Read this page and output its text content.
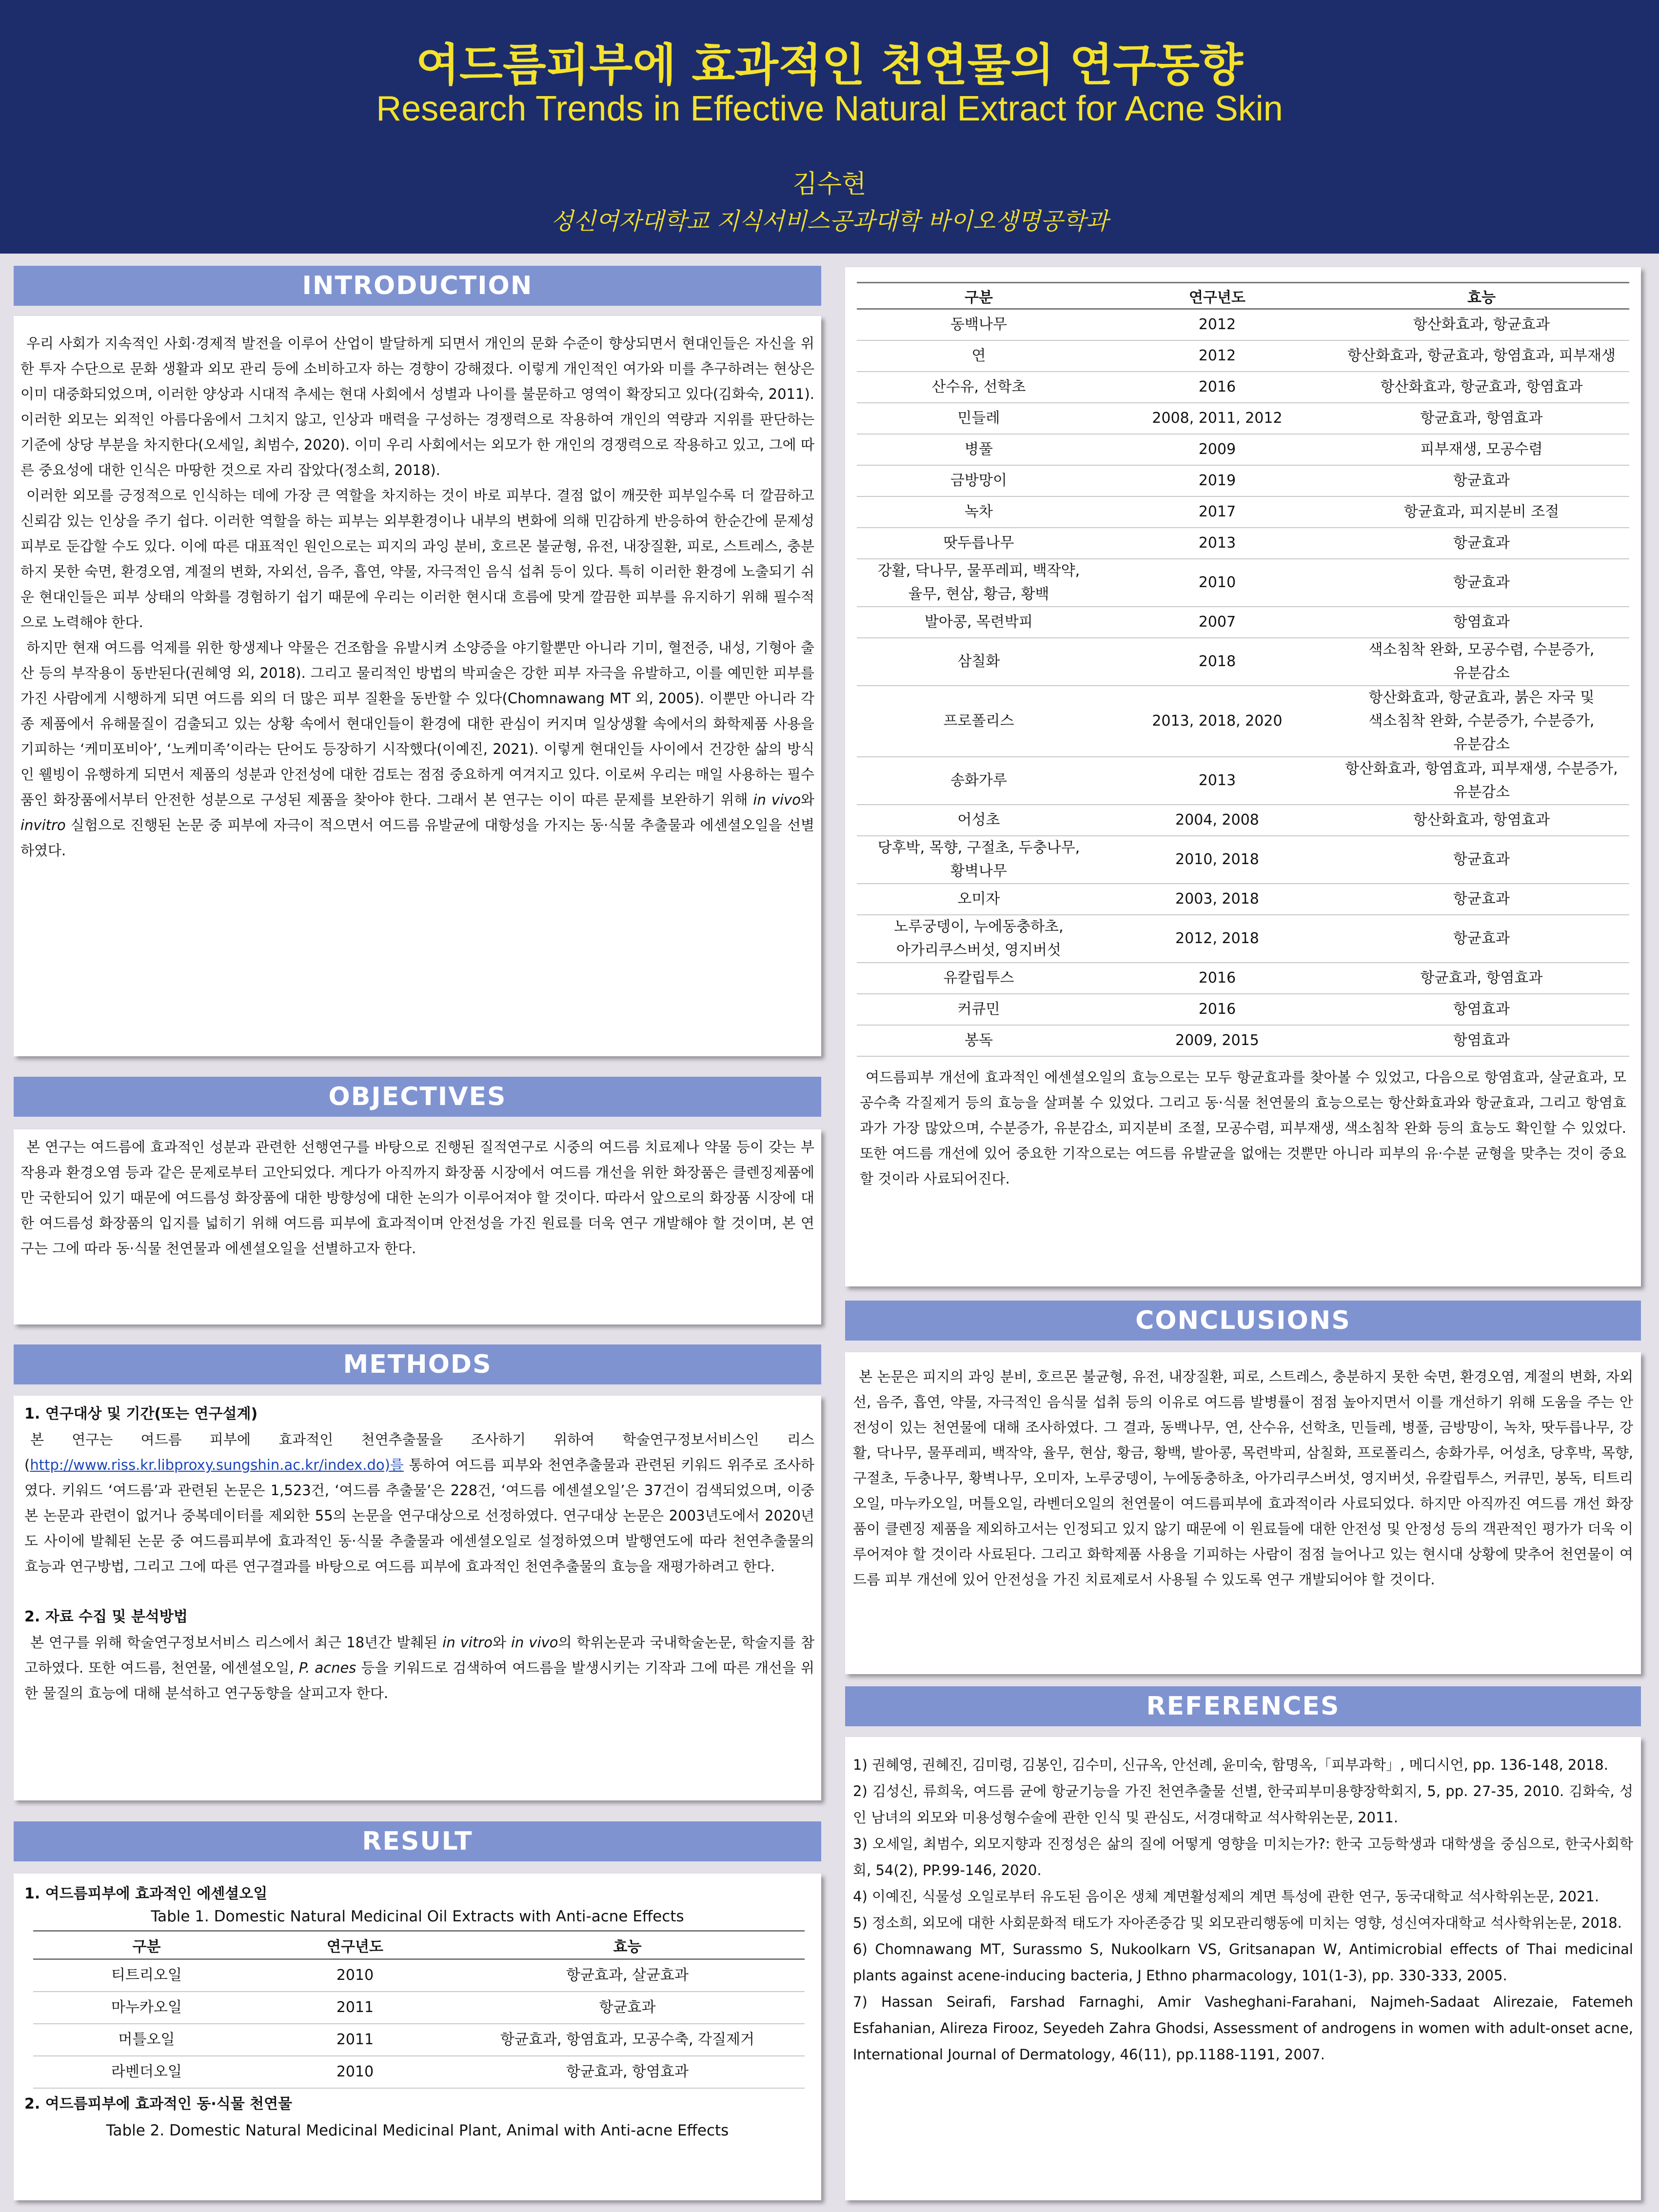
여드름피부에 효과적인 천연물의 연구동향
Research Trends in Effective Natural Extract for Acne Skin
김수현
성신여자대학교 지식서비스공과대학 바이오생명공학과
INTRODUCTION

우리 사회가 지속적인 사회·경제적 발전을 이루어 산업이 발달하게 되면서 개인의 문화 수준이 향상되면서 현대인들은 자신을 위한 투자 수단으로 문화 생활과 외모 관리 등에 소비하고자 하는 경향이 강해졌다. 이렇게 개인적인 여가와 미를 추구하려는 현상은 이미 대중화되었으며, 이러한 양상과 시대적 추세는 현대 사회에서 성별과 나이를 불문하고 영역이 확장되고 있다(김화숙, 2011). 이러한 외모는 외적인 아름다움에서 그치지 않고, 인상과 매력을 구성하는 경쟁력으로 작용하여 개인의 역량과 지위를 판단하는 기준에 상당 부분을 차지한다(오세일, 최범수, 2020). 이미 우리 사회에서는 외모가 한 개인의 경쟁력으로 작용하고 있고, 그에 따른 중요성에 대한 인식은 마땅한 것으로 자리 잡았다(정소희, 2018).

이러한 외모를 긍정적으로 인식하는 데에 가장 큰 역할을 차지하는 것이 바로 피부다. 결점 없이 깨끗한 피부일수록 더 깔끔하고 신뢰감 있는 인상을 주기 쉽다. 이러한 역할을 하는 피부는 외부환경이나 내부의 변화에 의해 민감하게 반응하여 한순간에 문제성 피부로 둔갑할 수도 있다. 이에 따른 대표적인 원인으로는 피지의 과잉 분비, 호르몬 불균형, 유전, 내장질환, 피로, 스트레스, 충분하지 못한 숙면, 환경오염, 계절의 변화, 자외선, 음주, 흡연, 약물, 자극적인 음식 섭취 등이 있다. 특히 이러한 환경에 노출되기 쉬운 현대인들은 피부 상태의 악화를 경험하기 쉽기 때문에 우리는 이러한 현시대 흐름에 맞게 깔끔한 피부를 유지하기 위해 필수적으로 노력해야 한다.

하지만 현재 여드름 억제를 위한 항생제나 약물은 건조함을 유발시켜 소양증을 야기할뿐만 아니라 기미, 혈전증, 내성, 기형아 출산 등의 부작용이 동반된다(권혜영 외, 2018). 그리고 물리적인 방법의 박피술은 강한 피부 자극을 유발하고, 이를 예민한 피부를 가진 사람에게 시행하게 되면 여드름 외의 더 많은 피부 질환을 동반할 수 있다(Chomnawang MT 외, 2005). 이뿐만 아니라 각종 제품에서 유해물질이 검출되고 있는 상황 속에서 현대인들이 환경에 대한 관심이 커지며 일상생활 속에서의 화학제품 사용을 기피하는 ‘케미포비아’, ‘노케미족’이라는 단어도 등장하기 시작했다(이예진, 2021). 이렇게 현대인들 사이에서 건강한 삶의 방식인 웰빙이 유행하게 되면서 제품의 성분과 안전성에 대한 검토는 점점 중요하게 여겨지고 있다. 이로써 우리는 매일 사용하는 필수품인 화장품에서부터 안전한 성분으로 구성된 제품을 찾아야 한다. 그래서 본 연구는 이이 따른 문제를 보완하기 위해 in vivo와 invitro 실험으로 진행된 논문 중 피부에 자극이 적으면서 여드름 유발균에 대항성을 가지는 동·식물 추출물과 에센셜오일을 선별하였다.

OBJECTIVES

본 연구는 여드름에 효과적인 성분과 관련한 선행연구를 바탕으로 진행된 질적연구로 시중의 여드름 치료제나 약물 등이 갖는 부작용과 환경오염 등과 같은 문제로부터 고안되었다. 게다가 아직까지 화장품 시장에서 여드름 개선을 위한 화장품은 클렌징제품에만 국한되어 있기 때문에 여드름성 화장품에 대한 방향성에 대한 논의가 이루어져야 할 것이다. 따라서 앞으로의 화장품 시장에 대한 여드름성 화장품의 입지를 넓히기 위해 여드름 피부에 효과적이며 안전성을 가진 원료를 더욱 연구 개발해야 할 것이며, 본 연구는 그에 따라 동·식물 천연물과 에센셜오일을 선별하고자 한다.

METHODS

1. 연구대상 및 기간(또는 연구설계)

본 연구는 여드름 피부에 효과적인 천연추출물을 조사하기 위하여 학술연구정보서비스인 리스(http://www.riss.kr.libproxy.sungshin.ac.kr/index.do)를 통하여 여드름 피부와 천연추출물과 관련된 키워드 위주로 조사하였다. 키워드 ‘여드름’과 관련된 논문은 1,523건, ‘여드름 추출물’은 228건, ‘여드름 에센셜오일’은 37건이 검색되었으며, 이중 본 논문과 관련이 없거나 중복데이터를 제외한 55의 논문을 연구대상으로 선정하였다. 연구대상 논문은 2003년도에서 2020년도 사이에 발췌된 논문 중 여드름피부에 효과적인 동·식물 추출물과 에센셜오일로 설정하였으며 발행연도에 따라 천연추출물의 효능과 연구방법, 그리고 그에 따른 연구결과를 바탕으로 여드름 피부에 효과적인 천연추출물의 효능을 재평가하려고 한다.

2. 자료 수집 및 분석방법

본 연구를 위해 학술연구정보서비스 리스에서 최근 18년간 발췌된 in vitro와 in vivo의 학위논문과 국내학술논문, 학술지를 참고하였다. 또한 여드름, 천연물, 에센셜오일, P. acnes 등을 키워드로 검색하여 여드름을 발생시키는 기작과 그에 따른 개선을 위한 물질의 효능에 대해 분석하고 연구동향을 살피고자 한다.

RESULT

1. 여드름피부에 효과적인 에센셜오일

Table 1. Domestic Natural Medicinal Oil Extracts with Anti-acne Effects
구분	연구년도	효능
티트리오일	2010	항균효과, 살균효과
마누카오일	2011	항균효과
머틀오일	2011	항균효과, 항염효과, 모공수축, 각질제거
라벤더오일	2010	항균효과, 항염효과

2. 여드름피부에 효과적인 동·식물 천연물

Table 2. Domestic Natural Medicinal Medicinal Plant, Animal with Anti-acne Effects
구분	연구년도	효능
동백나무	2012	항산화효과, 항균효과
연	2012	항산화효과, 항균효과, 항염효과, 피부재생
산수유, 선학초	2016	항산화효과, 항균효과, 항염효과
민들레	2008, 2011, 2012	항균효과, 항염효과
병풀	2009	피부재생, 모공수렴
금방망이	2019	항균효과
녹차	2017	항균효과, 피지분비 조절
땃두릅나무	2013	항균효과
강활, 닥나무, 물푸레피, 백작약,
율무, 현삼, 황금, 황백	2010	항균효과
발아콩, 목련박피	2007	항염효과
삼칠화	2018	색소침착 완화, 모공수렴, 수분증가,
유분감소
프로폴리스	2013, 2018, 2020	항산화효과, 항균효과, 붉은 자국 및
색소침착 완화, 수분증가, 수분증가,
유분감소
송화가루	2013	항산화효과, 항염효과, 피부재생, 수분증가,
유분감소
어성초	2004, 2008	항산화효과, 항염효과
당후박, 목향, 구절초, 두충나무,
황벽나무	2010, 2018	항균효과
오미자	2003, 2018	항균효과
노루궁뎅이, 누에동충하초,
아가리쿠스버섯, 영지버섯	2012, 2018	항균효과
유칼립투스	2016	항균효과, 항염효과
커큐민	2016	항염효과
봉독	2009, 2015	항염효과

여드름피부 개선에 효과적인 에센셜오일의 효능으로는 모두 항균효과를 찾아볼 수 있었고, 다음으로 항염효과, 살균효과, 모공수축 각질제거 등의 효능을 살펴볼 수 있었다. 그리고 동·식물 천연물의 효능으로는 항산화효과와 항균효과, 그리고 항염효과가 가장 많았으며, 수분증가, 유분감소, 피지분비 조절, 모공수렴, 피부재생, 색소침착 완화 등의 효능도 확인할 수 있었다. 또한 여드름 개선에 있어 중요한 기작으로는 여드름 유발균을 없애는 것뿐만 아니라 피부의 유·수분 균형을 맞추는 것이 중요할 것이라 사료되어진다.

CONCLUSIONS

본 논문은 피지의 과잉 분비, 호르몬 불균형, 유전, 내장질환, 피로, 스트레스, 충분하지 못한 숙면, 환경오염, 계절의 변화, 자외선, 음주, 흡연, 약물, 자극적인 음식물 섭취 등의 이유로 여드름 발병률이 점점 높아지면서 이를 개선하기 위해 도움을 주는 안전성이 있는 천연물에 대해 조사하였다. 그 결과, 동백나무, 연, 산수유, 선학초, 민들레, 병풀, 금방망이, 녹차, 땃두릅나무, 강활, 닥나무, 물푸레피, 백작약, 율무, 현삼, 황금, 황백, 발아콩, 목련박피, 삼칠화, 프로폴리스, 송화가루, 어성초, 당후박, 목향, 구절초, 두충나무, 황벽나무, 오미자, 노루궁뎅이, 누에동충하초, 아가리쿠스버섯, 영지버섯, 유칼립투스, 커큐민, 봉독, 티트리오일, 마누카오일, 머틀오일, 라벤더오일의 천연물이 여드름피부에 효과적이라 사료되었다. 하지만 아직까진 여드름 개선 화장품이 클렌징 제품을 제외하고서는 인정되고 있지 않기 때문에 이 원료들에 대한 안전성 및 안정성 등의 객관적인 평가가 더욱 이루어져야 할 것이라 사료된다. 그리고 화학제품 사용을 기피하는 사람이 점점 늘어나고 있는 현시대 상황에 맞추어 천연물이 여드름 피부 개선에 있어 안전성을 가진 치료제로서 사용될 수 있도록 연구 개발되어야 할 것이다.

REFERENCES

1) 권혜영, 권혜진, 김미령, 김봉인, 김수미, 신규옥, 안선례, 윤미숙, 함명옥,「피부과학」, 메디시언, pp. 136-148, 2018.

2) 김성신, 류희욱, 여드름 균에 항균기능을 가진 천연추출물 선별, 한국피부미용향장학회지, 5, pp. 27-35, 2010. 김화숙, 성인 남녀의 외모와 미용성형수술에 관한 인식 및 관심도, 서경대학교 석사학위논문, 2011.

3) 오세일, 최범수, 외모지향과 진정성은 삶의 질에 어떻게 영향을 미치는가?: 한국 고등학생과 대학생을 중심으로, 한국사회학회, 54(2), PP.99-146, 2020.

4) 이예진, 식물성 오일로부터 유도된 음이온 생체 계면활성제의 계면 특성에 관한 연구, 동국대학교 석사학위논문, 2021.

5) 정소희, 외모에 대한 사회문화적 태도가 자아존중감 및 외모관리행동에 미치는 영향, 성신여자대학교 석사학위논문, 2018.

6) Chomnawang MT, Surassmo S, Nukoolkarn VS, Gritsanapan W, Antimicrobial effects of Thai medicinal plants against acene-inducing bacteria, J Ethno pharmacology, 101(1-3), pp. 330-333, 2005.

7) Hassan Seirafi, Farshad Farnaghi, Amir Vasheghani-Farahani, Najmeh-Sadaat Alirezaie, Fatemeh Esfahanian, Alireza Firooz, Seyedeh Zahra Ghodsi, Assessment of androgens in women with adult-onset acne, International Journal of Dermatology, 46(11), pp.1188-1191, 2007.
